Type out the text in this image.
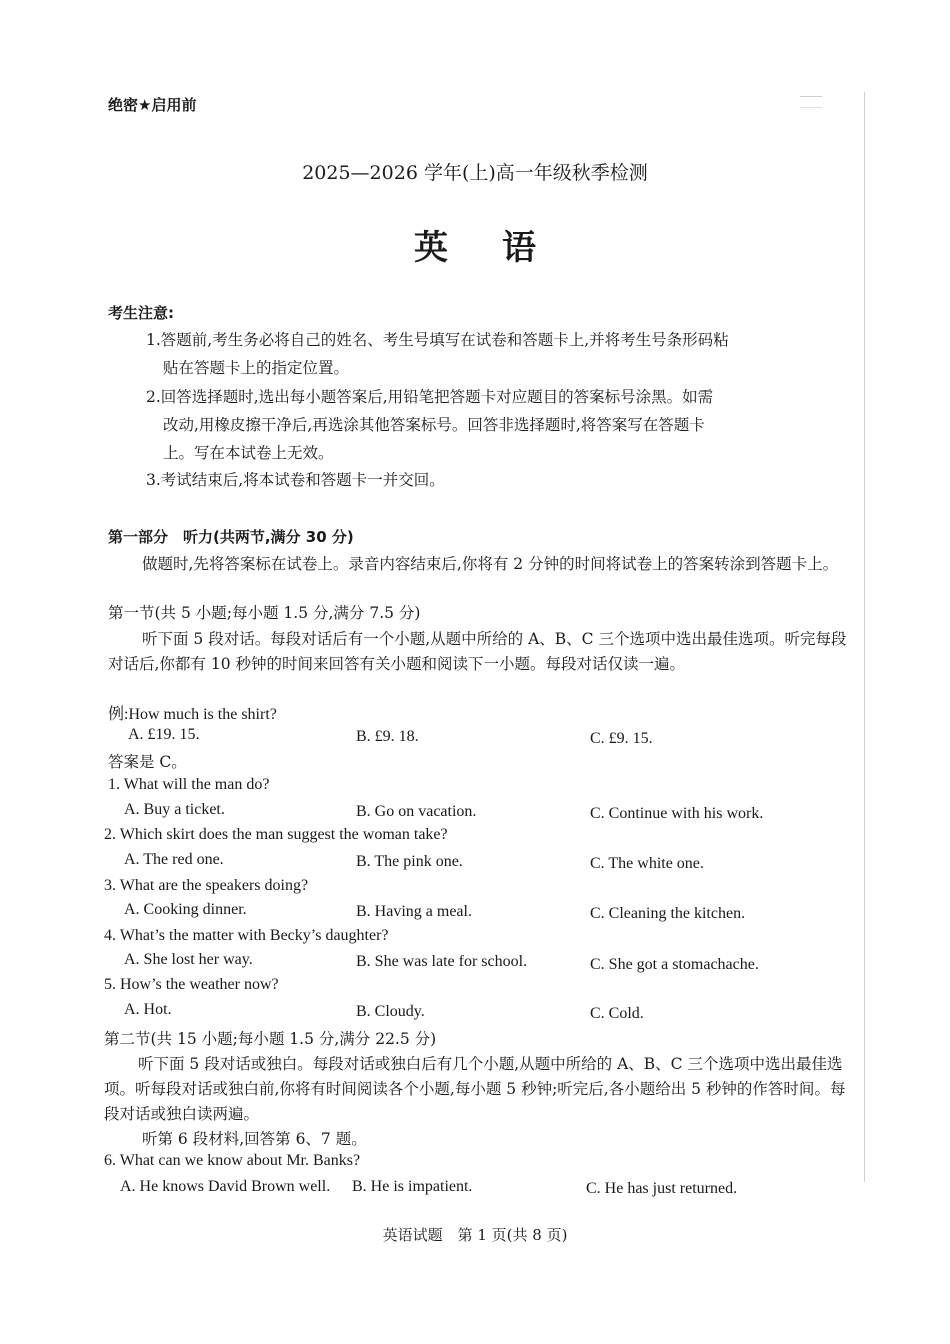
绝密★启用前
2025—2026 学年(上)高一年级秋季检测
英 语
考生注意:
1.答题前,考生务必将自己的姓名、考生号填写在试卷和答题卡上,并将考生号条形码粘
贴在答题卡上的指定位置。
2.回答选择题时,选出每小题答案后,用铅笔把答题卡对应题目的答案标号涂黑。如需
改动,用橡皮擦干净后,再选涂其他答案标号。回答非选择题时,将答案写在答题卡
上。写在本试卷上无效。
3.考试结束后,将本试卷和答题卡一并交回。
第一部分　听力(共两节,满分 30 分)
做题时,先将答案标在试卷上。录音内容结束后,你将有 2 分钟的时间将试卷上的答案转涂到答题卡上。
第一节(共 5 小题;每小题 1.5 分,满分 7.5 分)
听下面 5 段对话。每段对话后有一个小题,从题中所给的 A、B、C 三个选项中选出最佳选项。听完每段对话后,你都有 10 秒钟的时间来回答有关小题和阅读下一小题。每段对话仅读一遍。
例:How much is the shirt?
A. £19. 15.	B. £9. 18.	C. £9. 15.
答案是 C。
1. What will the man do?
A. Buy a ticket.	B. Go on vacation.	C. Continue with his work.
2. Which skirt does the man suggest the woman take?
A. The red one.	B. The pink one.	C. The white one.
3. What are the speakers doing?
A. Cooking dinner.	B. Having a meal.	C. Cleaning the kitchen.
4. What’s the matter with Becky’s daughter?
A. She lost her way.	B. She was late for school.	C. She got a stomachache.
5. How’s the weather now?
A. Hot.	B. Cloudy.	C. Cold.
第二节(共 15 小题;每小题 1.5 分,满分 22.5 分)
听下面 5 段对话或独白。每段对话或独白后有几个小题,从题中所给的 A、B、C 三个选项中选出最佳选项。听每段对话或独白前,你将有时间阅读各个小题,每小题 5 秒钟;听完后,各小题给出 5 秒钟的作答时间。每段对话或独白读两遍。
听第 6 段材料,回答第 6、7 题。
6. What can we know about Mr. Banks?
A. He knows David Brown well. B. He is impatient.	C. He has just returned.
英语试题　第 1 页(共 8 页)
